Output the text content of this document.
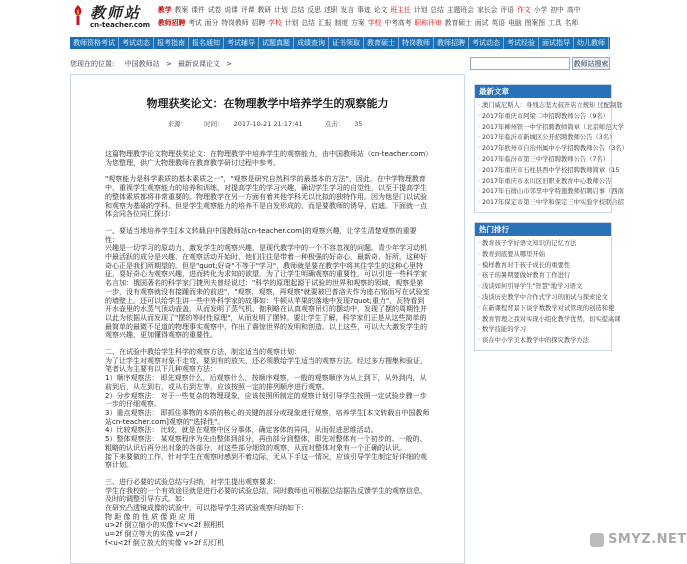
教师站
cn-teacher.com
教学 教案 课件 试卷 说课 评课 教研 计划 总结 反思 述职 发言 事迹 论文 班主任 计划 总结 主题班会 家长会 评语 作文 小学 初中 高中
教师招聘 考试 面分 特岗教师 招聘 学校 计划 总结 汇报 制度 方案 学校 中考高考 职称评审 教育硕士 面试 英语 电脑 图案图 工具 名师
教师资格考试 考试动态 报考指南 报名通知 考试辅导 试题真题 成绩查询 证书领取 教育硕士 特岗教师 教师招聘 考试动态 考试经验 面试指导 幼儿教师
您现在的位置: 中国教师站 > 最新说课论文 >	教师站搜索
物理获奖论文：在物理教学中培养学生的观察能力
来源：	时间： 2017-10-21 21:17:41	点击： 35

这篇物理教学论文物理获奖论文：在物理教学中培养学生的观察能力，由中国教师站（cn-teacher.com）为您整理，供广大物理教师在教育教学研讨过程中参考。

"观察能力是科学素质的基本素质之一"，"观察是研究自然科学的最基本的方法"，因此，在中学物理教育中，重视学生观察能力的培养和训练，对提高学生的学习兴趣，确切学生学习的自觉性，以至于提高学生的整体素质都将非常重要的。物理教学在另一方面有着其他学科无以比拟的独特作用。因为他是门以试验和观察为基础的学科。但是学生观察能力的培养不是自发形成的，而是要教师的诱导，启迪。下面就一点体会同各位同仁探讨：

一、要适当地培养学生[本文转载自中国教师站cn-teacher.com]的观察兴趣，让学生清楚观察的重要性：
兴趣是一切学习的原动力，激发学生的观察兴趣，是现代教学中的一个不容忽视的问题。青少年学习动机中最活跃的成分是兴趣，在观察活动开始时，他们往往是带着一种极强的好奇心，最新奇、好所，这种好奇心正是我们所期望的。但是"quot;好奇"不等于"学习"，教师就是要在教学中将其住学生的这种心里特征，耍好奇心为观察兴趣，进而转化为求知的欲望，为了让学生明确观察的重要性，可以引进一些科学家名言加：俄国著名的科学家门捷列夫曾经说过："科学的原理起源于试验的世界和观察的领域，观察是第一步，没有观察就没有接踵而来的前进"，"观察，观察，再观察"就要被巴普洛夫作为座右铭而写在试验室的墙壁上。还可以给学生讲一些中外科学家的故事如：牛顿从苹果的落地中发现?quot;重力"、瓦特看到开水壶里的水蒸气顶动壶盖，从而发明了蒸气机、伽利略在认真观察吊灯的摆动中，发现了摆的周期性并以此为依据从而发现了"摆的等时性原理"，从而发明了摆钟。要让学生了解，科学家们正是从这些简单的最简单的最微不足道的物理事实观察中，作出了震惊世界的发明和创造。以上这些，可以大大激发学生的观察兴趣，更加懂得观察的重要性。

二、在试验中教给学生科学的观察方法，制定适当的观察计划：
为了让学生对观察对象不走弯，要到有的放矢，还必须教给学生适当的观察方法。经过多方搜集和验证，笔者认为主要有以下几种观察方法：
1）顺序观察法： 即先观察什么，后观察什么，按顺序观察，一般的观察顺序为从上到下，从外到内，从前到后，从左到右，或从右到左等，应该按照一定的排列顺序进行观察。
2）分步观察法： 对于一些复杂的物理现象，应该按照所制定的观察计划引导学生按照一定试验步骤一步一步的仔细观察。
3）重点观察法： 即抓住事物的本质的核心的关键的部分或现象进行观察，培养学生[本文转载自中国教师站cn-teacher.com]观察的"选择性"。
4）比较观察法： 比较，就是在观察中区分事体，确定客体的异同，从而促进思维活动。
5）整体观察法： 某观察程序为先由整体到部分，再由部分到整体，即先对整体有一个初步的、一般的、粗略的认识后再分出对象的各部分，对这些部分细致的观察，从而对整体对象有一个正确的认识。
接下来要做的工作，针对学生在观察时感到不着边际，无从下手这一情况，应该引导学生制定好详细的观察计划。

三、进行必要的试验总结与归纳，对学生提出观察要求：
学生在我校的一个有效途径就是进行必要的试验总结，同时教师也可根据总结据告反馈学生的观察信息，及时的调整引导方式。如：
在研究凸透镜成像的试验中，可以指导学生将试验观察归纳如下：
物 距 像 的 性 质 像 距 应 用
u>2f 倒立缩小的实像 f<v<2f 照相机
u=2f 倒立等大的实像 v=2f /
f<u<2f 倒立放大的实像 v>2f 幻灯机

最新文章
· 澳门威尼斯人：身残志坚大叔开店立规矩 过配制匙
· 2017年重庆市阿梁二中招聘教师公告（9名）
· 2017年柳州铁一中学招聘教师简章（北京师范大学
· 2017年临沂市新城区公开招聘教师公告（3名）
· 2017年欧州市自治州属中小学招聘教师公告（3名）
· 2017年临汾市第三中学招聘教师公告（7名）
· 2017年重庆市石柱县西中学校招聘教师简章（15
· 2017年重庆市永川区旧职业教育中心教师公告
· 2017年石排山市邻里中学特邀教师招聘启事（西南
· 2017年保定市第三中学和保定三中实验学校联合招
热门排行
· 教育孩子学好语文知识的记忆方法
· 教育到底要从哪里开始
· 模样教育对于孩子成长的重要性
· 孩子的暑期要做好教育工作进行
· 浅谈如何引导学生"智慧"地学习语文
· 浅谈历史教学中合作式学习的面试与探索论文
· 在新课程背景下谈学数教学对试管现的创造和使
· 教育管理之我对实现小组化教学优势，切实提高课
· 数学技能的学习
· 谈在中小学美术教学中的探究教学方法
SMYZ.NET
